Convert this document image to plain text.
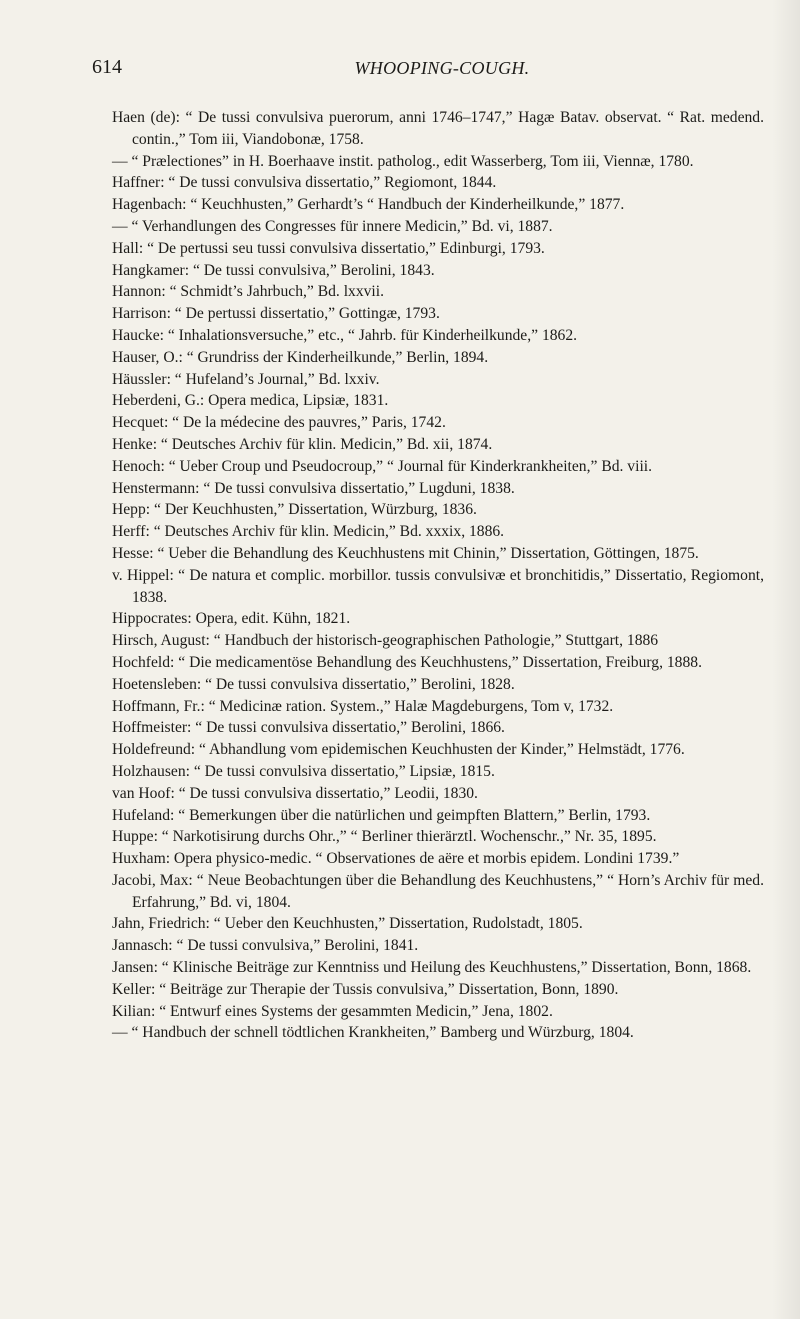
614	WHOOPING-COUGH.
Haen (de): “ De tussi convulsiva puerorum, anni 1746–1747,” Hagæ Batav. observat. “ Rat. medend. contin.,” Tom iii, Viandobonæ, 1758.
— “ Prælectiones” in H. Boerhaave instit. patholog., edit Wasserberg, Tom iii, Viennæ, 1780.
Haffner: “ De tussi convulsiva dissertatio,” Regiomont, 1844.
Hagenbach: “ Keuchhusten,” Gerhardt’s “ Handbuch der Kinderheilkunde,” 1877.
— “ Verhandlungen des Congresses für innere Medicin,” Bd. vi, 1887.
Hall: “ De pertussi seu tussi convulsiva dissertatio,” Edinburgi, 1793.
Hangkamer: “ De tussi convulsiva,” Berolini, 1843.
Hannon: “ Schmidt’s Jahrbuch,” Bd. lxxvii.
Harrison: “ De pertussi dissertatio,” Gottingæ, 1793.
Haucke: “ Inhalationsversuche,” etc., “ Jahrb. für Kinderheilkunde,” 1862.
Hauser, O.: “ Grundriss der Kinderheilkunde,” Berlin, 1894.
Häussler: “ Hufeland’s Journal,” Bd. lxxiv.
Heberdeni, G.: Opera medica, Lipsiæ, 1831.
Hecquet: “ De la médecine des pauvres,” Paris, 1742.
Henke: “ Deutsches Archiv für klin. Medicin,” Bd. xii, 1874.
Henoch: “ Ueber Croup und Pseudocroup,” “ Journal für Kinderkrankheiten,” Bd. viii.
Henstermann: “ De tussi convulsiva dissertatio,” Lugduni, 1838.
Hepp: “ Der Keuchhusten,” Dissertation, Würzburg, 1836.
Herff: “ Deutsches Archiv für klin. Medicin,” Bd. xxxix, 1886.
Hesse: “ Ueber die Behandlung des Keuchhustens mit Chinin,” Dissertation, Göttingen, 1875.
v. Hippel: “ De natura et complic. morbillor. tussis convulsivæ et bronchitidis,” Dissertatio, Regiomont, 1838.
Hippocrates: Opera, edit. Kühn, 1821.
Hirsch, August: “ Handbuch der historisch-geographischen Pathologie,” Stuttgart, 1886
Hochfeld: “ Die medicamentöse Behandlung des Keuchhustens,” Dissertation, Freiburg, 1888.
Hoetensleben: “ De tussi convulsiva dissertatio,” Berolini, 1828.
Hoffmann, Fr.: “ Medicinæ ration. System.,” Halæ Magdeburgens, Tom v, 1732.
Hoffmeister: “ De tussi convulsiva dissertatio,” Berolini, 1866.
Holdefreund: “ Abhandlung vom epidemischen Keuchhusten der Kinder,” Helmstädt, 1776.
Holzhausen: “ De tussi convulsiva dissertatio,” Lipsiæ, 1815.
van Hoof: “ De tussi convulsiva dissertatio,” Leodii, 1830.
Hufeland: “ Bemerkungen über die natürlichen und geimpften Blattern,” Berlin, 1793.
Huppe: “ Narkotisirung durchs Ohr.,” “ Berliner thierärztl. Wochenschr.,” Nr. 35, 1895.
Huxham: Opera physico-medic. “ Observationes de aëre et morbis epidem. Londini 1739.”
Jacobi, Max: “ Neue Beobachtungen über die Behandlung des Keuchhustens,” “ Horn’s Archiv für med. Erfahrung,” Bd. vi, 1804.
Jahn, Friedrich: “ Ueber den Keuchhusten,” Dissertation, Rudolstadt, 1805.
Jannasch: “ De tussi convulsiva,” Berolini, 1841.
Jansen: “ Klinische Beiträge zur Kenntniss und Heilung des Keuchhustens,” Dissertation, Bonn, 1868.
Keller: “ Beiträge zur Therapie der Tussis convulsiva,” Dissertation, Bonn, 1890.
Kilian: “ Entwurf eines Systems der gesammten Medicin,” Jena, 1802.
— “ Handbuch der schnell tödtlichen Krankheiten,” Bamberg und Würzburg, 1804.
